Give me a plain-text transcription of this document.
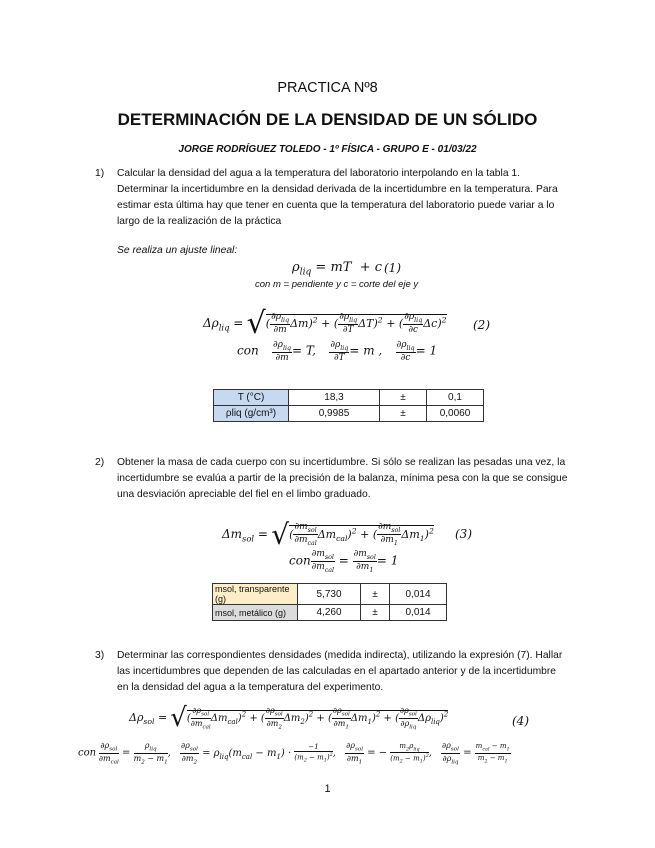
PRACTICA Nº8
DETERMINACIÓN DE LA DENSIDAD DE UN SÓLIDO
JORGE RODRÍGUEZ TOLEDO - 1º FÍSICA - GRUPO E - 01/03/22
1) Calcular la densidad del agua a la temperatura del laboratorio interpolando en la tabla 1.
Determinar la incertidumbre en la densidad derivada de la incertidumbre en la temperatura. Para
estimar esta última hay que tener en cuenta que la temperatura del laboratorio puede variar a lo
largo de la realización de la práctica
Se realiza un ajuste lineal:
$\rho_{liq}$ = mT  + c (1)
con m = pendiente y c = corte del eje y
$\Delta\rho_{liq}$ = √( $\frac{\partial\rho_{liq}}{\partial m} \Delta m)^2$ + ( $\frac{\partial\rho_{liq}}{\partial T} \Delta T)^2$ + ( $\frac{\partial\rho_{liq}}{\partial c} \Delta c)^2$ (2)
con $\frac{\partial\rho_{liq}}{\partial m} = T$, $\frac{\partial\rho_{liq}}{\partial T} = m$ , $\frac{\partial\rho_{liq}}{\partial c} = 1$
T (°C)	18,3	±	0,1
ρliq (g/cm³)	0,9985	±	0,0060
2) Obtener la masa de cada cuerpo con su incertidumbre. Si sólo se realizan las pesadas una vez, la
incertidumbre se evalúa a partir de la precisión de la balanza, mínima pesa con la que se consigue
una desviación apreciable del fiel en el limbo graduado.
$\Delta m_{sol}$ = √( $\frac{\partial m_{sol}}{\partial m_{cal}} \Delta m_{cal})^2$ + ( $\frac{\partial m_{sol}}{\partial m_1} \Delta m_1)^2$ (3)
con $\frac{\partial m_{sol}}{\partial m_{cal}} = \frac{\partial m_{sol}}{\partial m_1} = 1$
msol, transparente (g)	5,730	±	0,014
msol, metálico (g)	4,260	±	0,014
3) Determinar las correspondientes densidades (medida indirecta), utilizando la expresión (7). Hallar
las incertidumbres que dependen de las calculadas en el apartado anterior y de la incertidumbre
en la densidad del agua a la temperatura del experimento.
$\Delta\rho_{sol}$ = √( $\frac{\partial\rho_{sol}}{\partial m_{cal}} \Delta m_{cal})^2$ + ( $\frac{\partial\rho_{sol}}{\partial m_2} \Delta m_2)^2$ + ( $\frac{\partial\rho_{sol}}{\partial m_1} \Delta m_1)^2$ + ( $\frac{\partial\rho_{sol}}{\partial\rho_{liq}} \Delta\rho_{liq})^2$	(4)
con $\frac{\partial\rho_{sol}}{\partial m_{cal}} = \frac{\rho_{liq}}{m_2 - m_1}$ , $\frac{\partial\rho_{sol}}{\partial m_2} = \rho_{liq}(m_{cal} - m_1) \cdot \frac{-1}{(m_2 - m_1)^2}$ , $\frac{\partial\rho_{sol}}{\partial m_1}$ = − $\frac{m_2\rho_{liq}}{(m_2 - m_1)^2}$ , $\frac{\partial\rho_{sol}}{\partial\rho_{liq}} = \frac{m_{cal} - m_1}{m_2 - m_1}$
1
